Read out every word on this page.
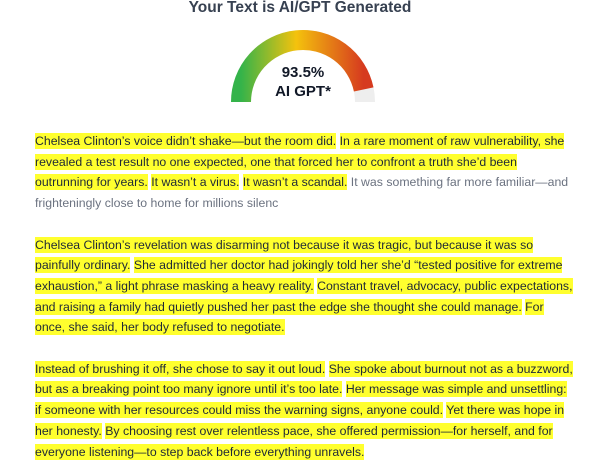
Your Text is AI/GPT Generated
93.5%
AI GPT*

Chelsea Clinton’s voice didn’t shake—but the room did. In a rare moment of raw vulnerability, she revealed a test result no one expected, one that forced her to confront a truth she’d been outrunning for years. It wasn’t a virus. It wasn’t a scandal. It was something far more familiar—and frighteningly close to home for millions silenc

Chelsea Clinton’s revelation was disarming not because it was tragic, but because it was so painfully ordinary. She admitted her doctor had jokingly told her she’d “tested positive for extreme exhaustion,” a light phrase masking a heavy reality. Constant travel, advocacy, public expectations, and raising a family had quietly pushed her past the edge she thought she could manage. For once, she said, her body refused to negotiate.

Instead of brushing it off, she chose to say it out loud. She spoke about burnout not as a buzzword, but as a breaking point too many ignore until it’s too late. Her message was simple and unsettling: if someone with her resources could miss the warning signs, anyone could. Yet there was hope in her honesty. By choosing rest over relentless pace, she offered permission—for herself, and for everyone listening—to step back before everything unravels.
